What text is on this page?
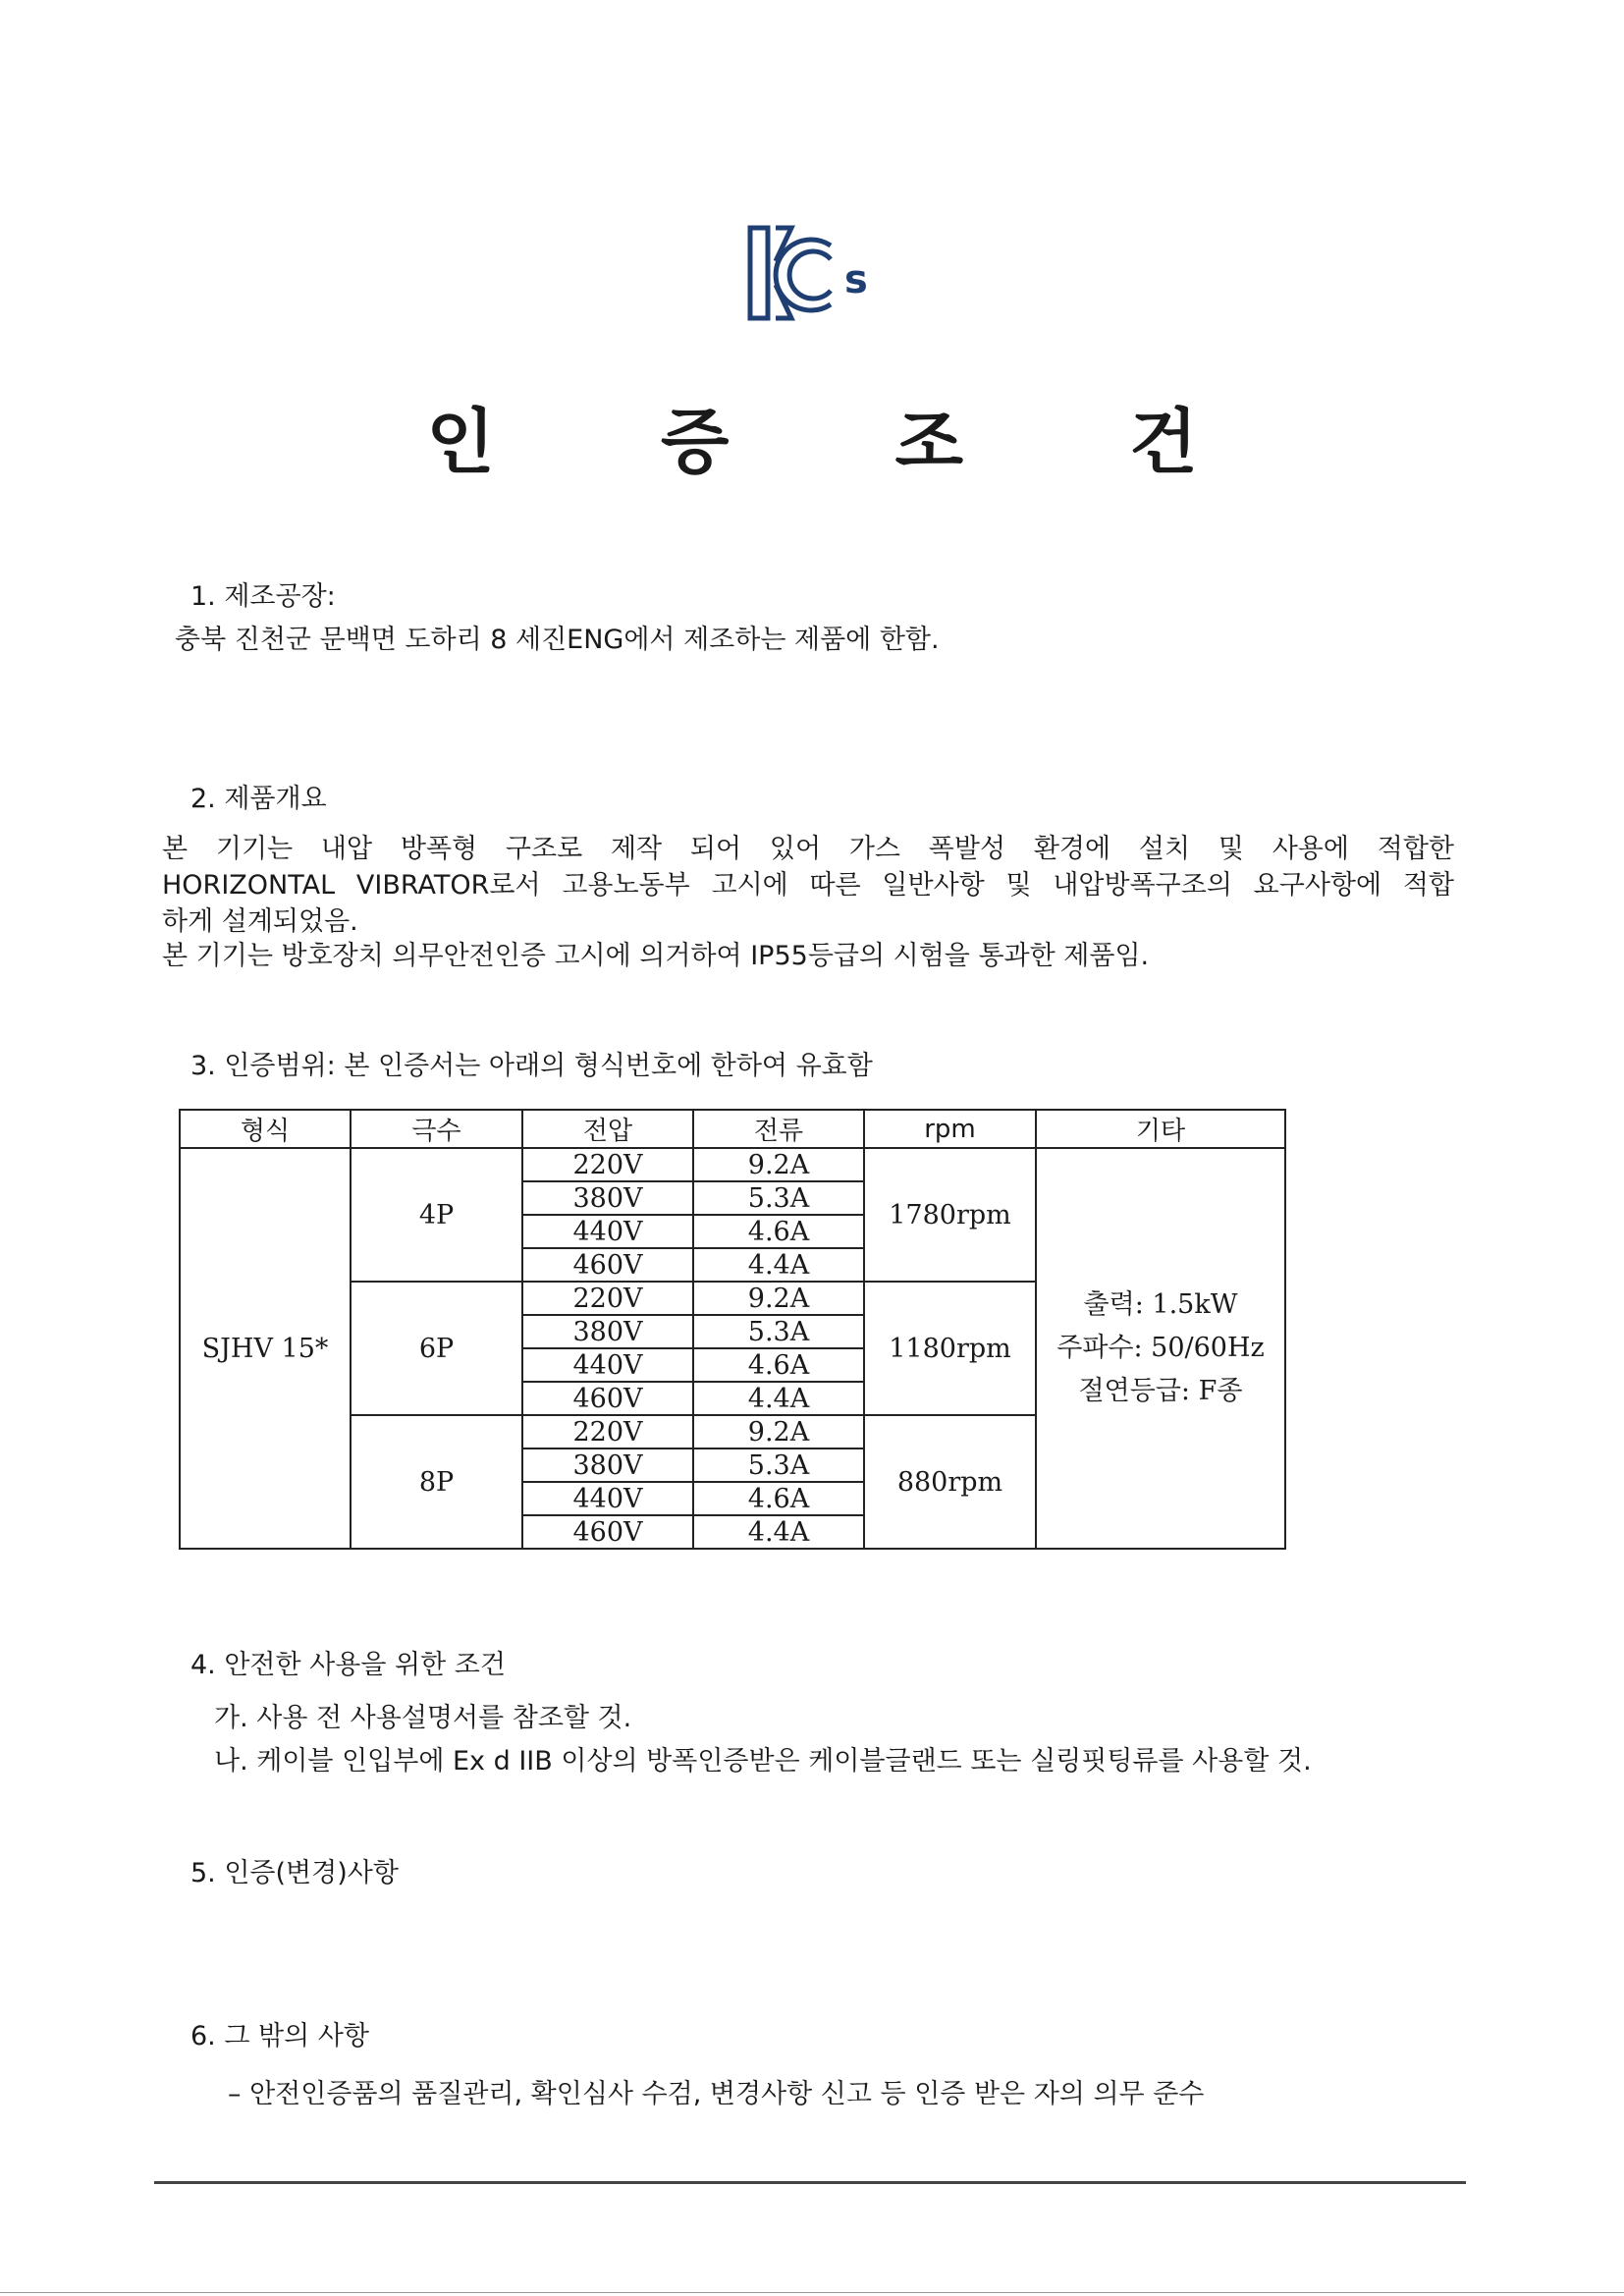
s
인 증 조 건
1. 제조공장:
충북 진천군 문백면 도하리 8 세진ENG에서 제조하는 제품에 한함.
2. 제품개요
본 기기는 내압 방폭형 구조로 제작 되어 있어 가스 폭발성 환경에 설치 및 사용에 적합한
HORIZONTAL VIBRATOR로서 고용노동부 고시에 따른 일반사항 및 내압방폭구조의 요구사항에 적합
하게 설계되었음.
본 기기는 방호장치 의무안전인증 고시에 의거하여 IP55등급의 시험을 통과한 제품임.
3. 인증범위: 본 인증서는 아래의 형식번호에 한하여 유효함
형식	극수	전압	전류	rpm	기타
SJHV 15*	4P	220V	9.2A	1780rpm	출력: 1.5kW
주파수: 50/60Hz
절연등급: F종

		380V	5.3A		
		440V	4.6A		
		460V	4.4A		
	6P	220V	9.2A	1180rpm	
		380V	5.3A		
		440V	4.6A		
		460V	4.4A		
	8P	220V	9.2A	880rpm	
		380V	5.3A		
		440V	4.6A		
		460V	4.4A		
4. 안전한 사용을 위한 조건
가. 사용 전 사용설명서를 참조할 것.
나. 케이블 인입부에 Ex d IIB 이상의 방폭인증받은 케이블글랜드 또는 실링핏팅류를 사용할 것.
5. 인증(변경)사항
6. 그 밖의 사항
– 안전인증품의 품질관리, 확인심사 수검, 변경사항 신고 등 인증 받은 자의 의무 준수
